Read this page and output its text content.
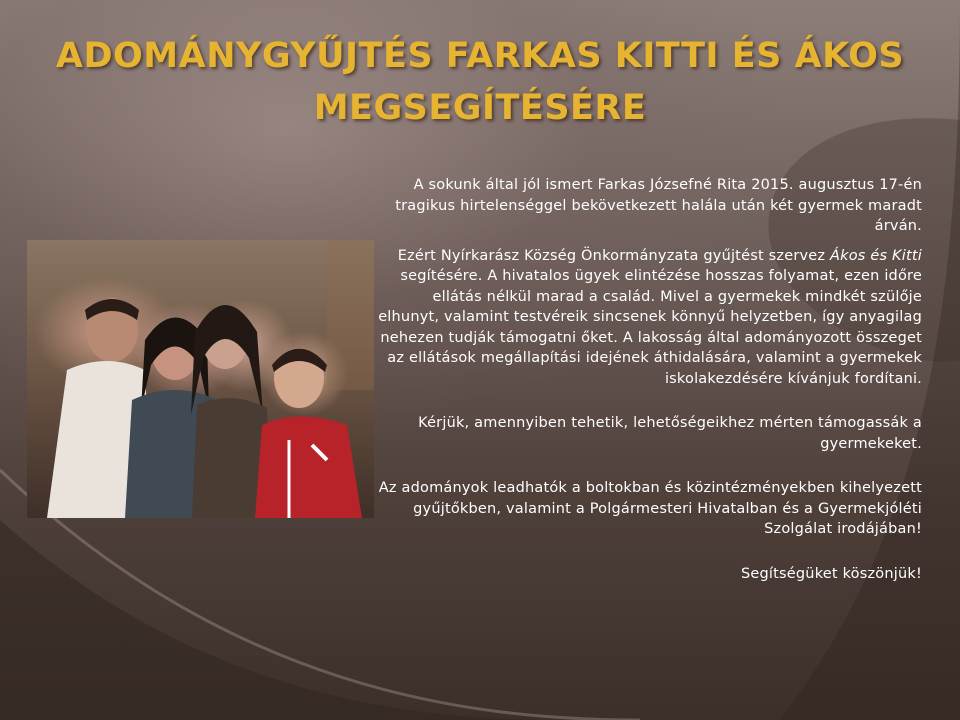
ADOMÁNYGYŰJTÉS FARKAS KITTI ÉS ÁKOS
MEGSEGÍTÉSÉRE

A sokunk által jól ismert Farkas Józsefné Rita 2015. augusztus 17-én tragikus hirtelenséggel bekövetkezett halála után két gyermek maradt árván.

Ezért Nyírkarász Község Önkormányzata gyűjtést szervez Ákos és Kitti segítésére. A hivatalos ügyek elintézése hosszas folyamat, ezen időre ellátás nélkül marad a család. Mivel a gyermekek mindkét szülője elhunyt, valamint testvéreik sincsenek könnyű helyzetben, így anyagilag nehezen tudják támogatni őket. A lakosság által adományozott összeget az ellátások megállapítási idejének áthidalására, valamint a gyermekek iskolakezdésére kívánjuk fordítani.

Kérjük, amennyiben tehetik, lehetőségeikhez mérten támogassák a gyermekeket.

Az adományok leadhatók a boltokban és közintézményekben kihelyezett gyűjtőkben, valamint a Polgármesteri Hivatalban és a Gyermekjóléti Szolgálat irodájában!

Segítségüket köszönjük!
